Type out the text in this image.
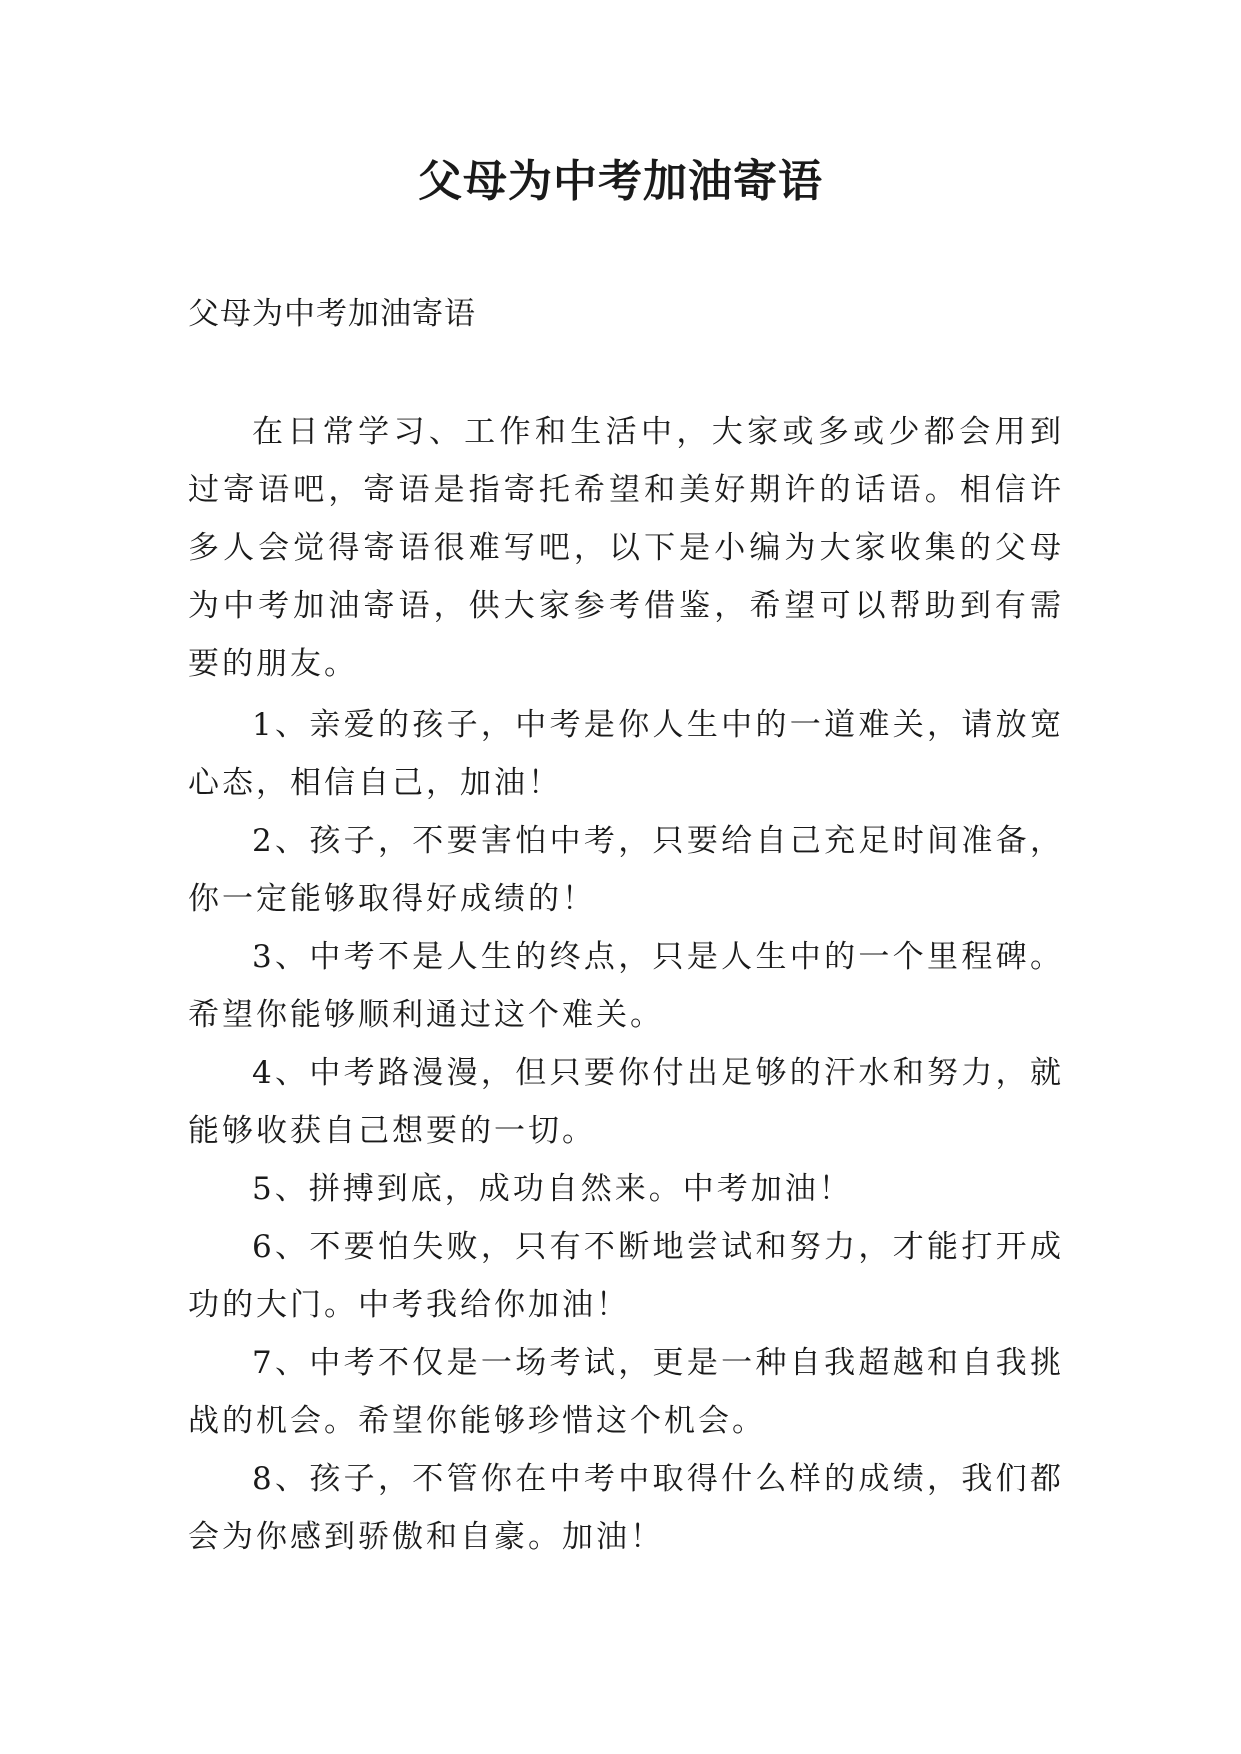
父母为中考加油寄语

父母为中考加油寄语

在日常学习、工作和生活中，大家或多或少都会用到过寄语吧，寄语是指寄托希望和美好期许的话语。相信许多人会觉得寄语很难写吧，以下是小编为大家收集的父母为中考加油寄语，供大家参考借鉴，希望可以帮助到有需要的朋友。

1、亲爱的孩子，中考是你人生中的一道难关，请放宽心态，相信自己，加油！
2、孩子，不要害怕中考，只要给自己充足时间准备，你一定能够取得好成绩的！
3、中考不是人生的终点，只是人生中的一个里程碑。希望你能够顺利通过这个难关。
4、中考路漫漫，但只要你付出足够的汗水和努力，就能够收获自己想要的一切。
5、拼搏到底，成功自然来。中考加油！
6、不要怕失败，只有不断地尝试和努力，才能打开成功的大门。中考我给你加油！
7、中考不仅是一场考试，更是一种自我超越和自我挑战的机会。希望你能够珍惜这个机会。
8、孩子，不管你在中考中取得什么样的成绩，我们都会为你感到骄傲和自豪。加油！
